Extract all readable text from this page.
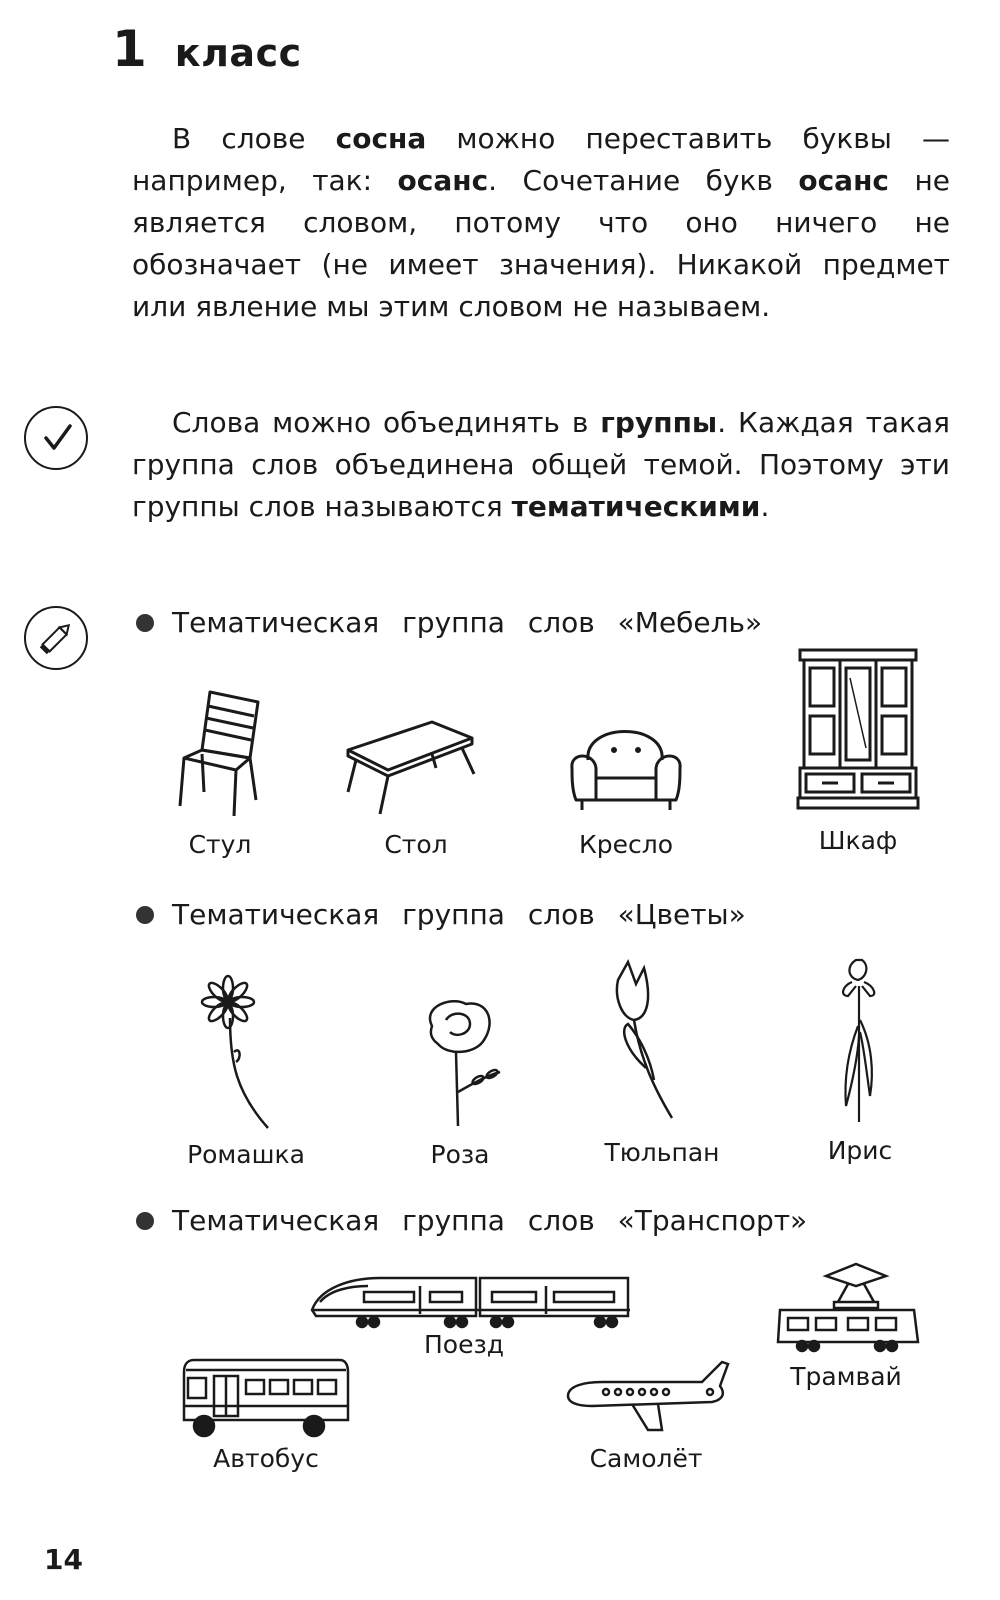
1 класс

В слове сосна можно переставить буквы — например, так: осанс. Сочетание букв осанс не является словом, потому что оно ничего не обозначает (не имеет значения). Никакой предмет или явление мы этим словом не называем.

Слова можно объединять в группы. Каждая такая группа слов объединена общей темой. Поэтому эти группы слов называются тематическими.

Тематическая группа слов «Мебель»
Стул	Стол	Кресло	Шкаф
Тематическая группа слов «Цветы»
Ромашка	Роза	Тюльпан	Ирис
Тематическая группа слов «Транспорт»
Поезд
Трамвай
Автобус	Самолёт
14
